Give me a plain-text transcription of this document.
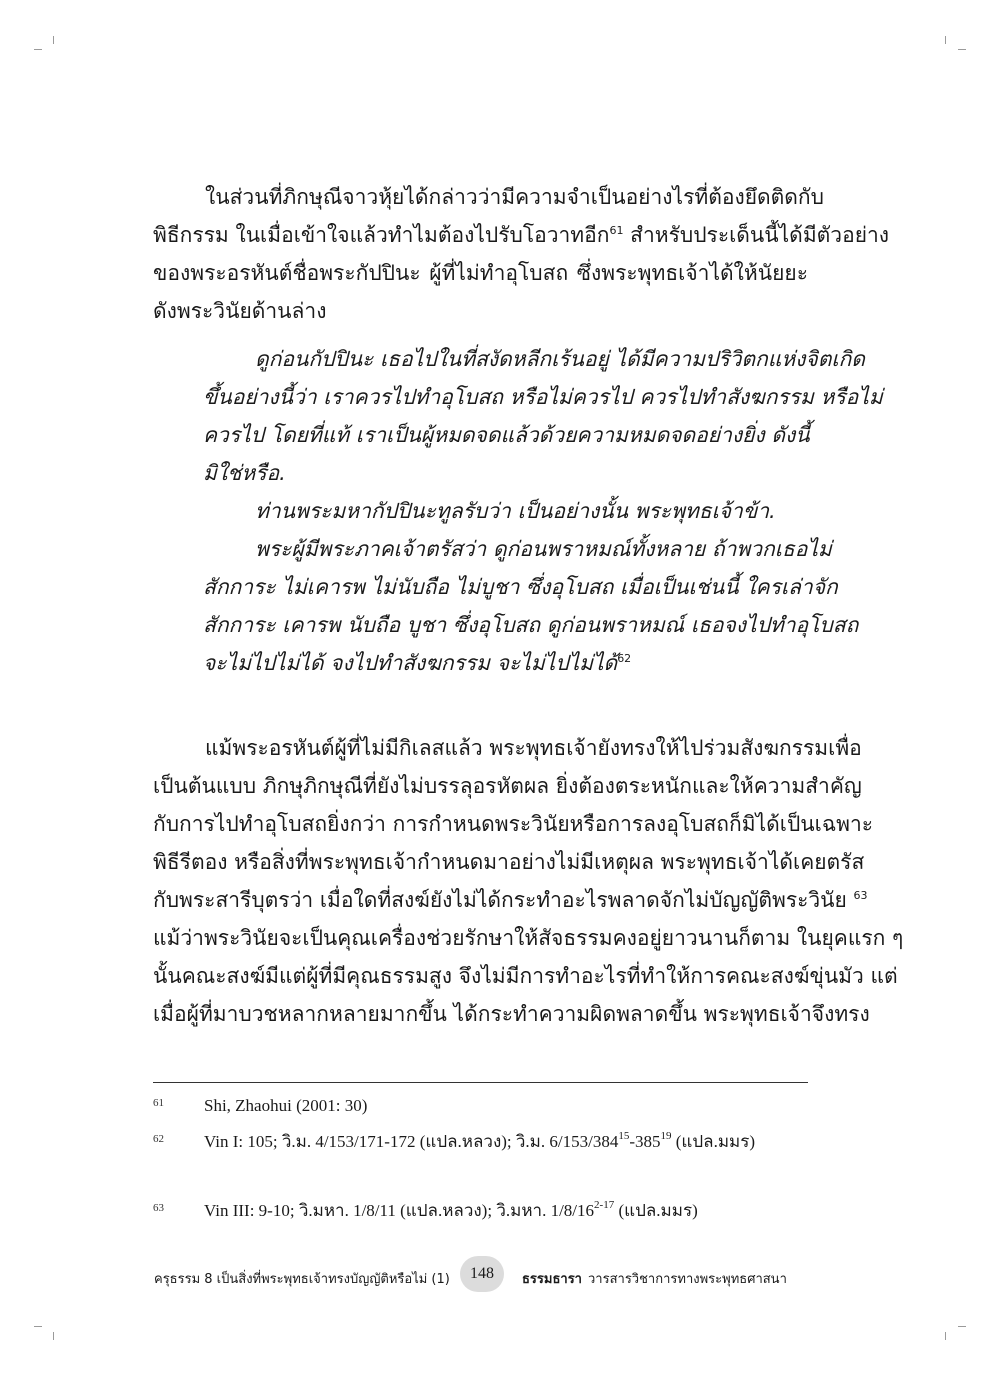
ในส่วนที่ภิกษุณีจาวหุ้ยได้กล่าวว่ามีความจำเป็นอย่างไรที่ต้องยึดติดกับ
พิธีกรรม ในเมื่อเข้าใจแล้วทำไมต้องไปรับโอวาทอีก$^{61}$ สำหรับประเด็นนี้ได้มีตัวอย่าง
ของพระอรหันต์ชื่อพระกัปปินะ ผู้ที่ไม่ทำอุโบสถ ซึ่งพระพุทธเจ้าได้ให้นัยยะ
ดังพระวินัยด้านล่าง
ดูก่อนกัปปินะ เธอไปในที่สงัดหลีกเร้นอยู่ ได้มีความปริวิตกแห่งจิตเกิด
ขึ้นอย่างนี้ว่า เราควรไปทำอุโบสถ หรือไม่ควรไป ควรไปทำสังฆกรรม หรือไม่
ควรไป โดยที่แท้ เราเป็นผู้หมดจดแล้วด้วยความหมดจดอย่างยิ่ง ดังนี้
มิใช่หรือ.
ท่านพระมหากัปปินะทูลรับว่า เป็นอย่างนั้น พระพุทธเจ้าข้า.
พระผู้มีพระภาคเจ้าตรัสว่า ดูก่อนพราหมณ์ทั้งหลาย ถ้าพวกเธอไม่
สักการะ ไม่เคารพ ไม่นับถือ ไม่บูชา ซึ่งอุโบสถ เมื่อเป็นเช่นนี้ ใครเล่าจัก
สักการะ เคารพ นับถือ บูชา ซึ่งอุโบสถ ดูก่อนพราหมณ์ เธอจงไปทำอุโบสถ
จะไม่ไปไม่ได้ จงไปทำสังฆกรรม จะไม่ไปไม่ได้$^{62}$
แม้พระอรหันต์ผู้ที่ไม่มีกิเลสแล้ว พระพุทธเจ้ายังทรงให้ไปร่วมสังฆกรรมเพื่อ
เป็นต้นแบบ ภิกษุภิกษุณีที่ยังไม่บรรลุอรหัตผล ยิ่งต้องตระหนักและให้ความสำคัญ
กับการไปทำอุโบสถยิ่งกว่า การกำหนดพระวินัยหรือการลงอุโบสถก็มิได้เป็นเฉพาะ
พิธีรีตอง หรือสิ่งที่พระพุทธเจ้ากำหนดมาอย่างไม่มีเหตุผล พระพุทธเจ้าได้เคยตรัส
กับพระสารีบุตรว่า เมื่อใดที่สงฆ์ยังไม่ได้กระทำอะไรพลาดจักไม่บัญญัติพระวินัย $^{63}$
แม้ว่าพระวินัยจะเป็นคุณเครื่องช่วยรักษาให้สัจธรรมคงอยู่ยาวนานก็ตาม ในยุคแรก ๆ
นั้นคณะสงฆ์มีแต่ผู้ที่มีคุณธรรมสูง จึงไม่มีการทำอะไรที่ทำให้การคณะสงฆ์ขุ่นมัว แต่
เมื่อผู้ที่มาบวชหลากหลายมากขึ้น ได้กระทำความผิดพลาดขึ้น พระพุทธเจ้าจึงทรง
61 Shi, Zhaohui (2001: 30)
62 Vin I: 105; วิ.ม. 4/153/171-172 (แปล.หลวง); วิ.ม. $6/153/384^{15}-385^{19}$ (แปล.มมร)
63 Vin III: 9-10; วิ.มหา. 1/8/11 (แปล.หลวง); วิ.มหา. 1/8/16$^{2-17}$ (แปล.มมร)
ครุธรรม 8 เป็นสิ่งที่พระพุทธเจ้าทรงบัญญัติหรือไม่ (1)	148	ธรรมธารา วารสารวิชาการทางพระพุทธศาสนา
